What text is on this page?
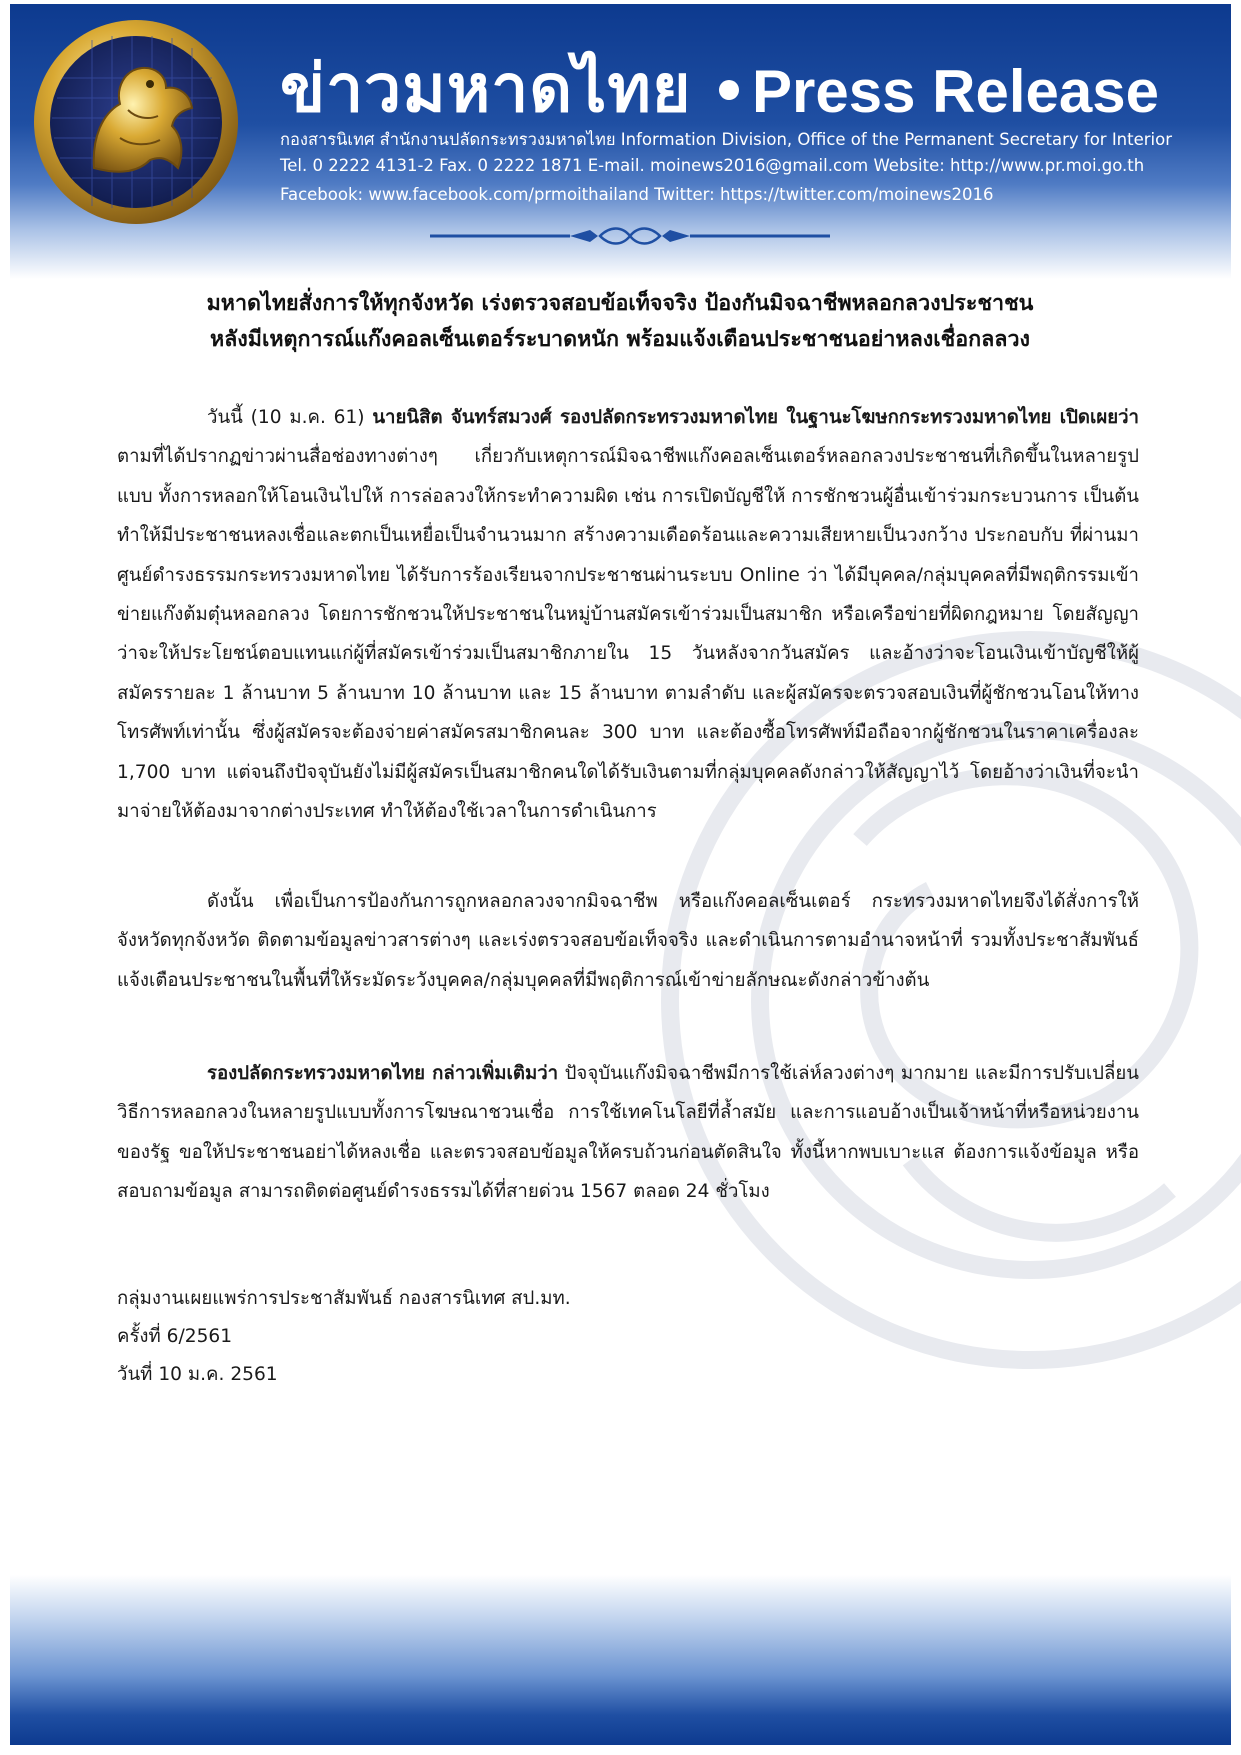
ข่าวมหาดไทย Press Release
กองสารนิเทศ สำนักงานปลัดกระทรวงมหาดไทย Information Division, Office of the Permanent Secretary for Interior
Tel. 0 2222 4131-2 Fax. 0 2222 1871 E-mail. moinews2016@gmail.com Website: http://www.pr.moi.go.th
Facebook: www.facebook.com/prmoithailand Twitter: https://twitter.com/moinews2016
มหาดไทยสั่งการให้ทุกจังหวัด เร่งตรวจสอบข้อเท็จจริง ป้องกันมิจฉาชีพหลอกลวงประชาชน
หลังมีเหตุการณ์แก๊งคอลเซ็นเตอร์ระบาดหนัก พร้อมแจ้งเตือนประชาชนอย่าหลงเชื่อกลลวง
วันนี้ (10 ม.ค. 61) นายนิสิต จันทร์สมวงศ์ รองปลัดกระทรวงมหาดไทย ในฐานะโฆษกกระทรวงมหาดไทย เปิดเผยว่า ตามที่ได้ปรากฏข่าวผ่านสื่อช่องทางต่างๆ เกี่ยวกับเหตุการณ์มิจฉาชีพแก๊งคอลเซ็นเตอร์หลอกลวงประชาชนที่เกิดขึ้นในหลายรูปแบบ ทั้งการหลอกให้โอนเงินไปให้ การล่อลวงให้กระทำความผิด เช่น การเปิดบัญชีให้ การชักชวนผู้อื่นเข้าร่วมกระบวนการ เป็นต้น ทำให้มีประชาชนหลงเชื่อและตกเป็นเหยื่อเป็นจำนวนมาก สร้างความเดือดร้อนและความเสียหายเป็นวงกว้าง ประกอบกับ ที่ผ่านมาศูนย์ดำรงธรรมกระทรวงมหาดไทย ได้รับการร้องเรียนจากประชาชนผ่านระบบ Online ว่า ได้มีบุคคล/กลุ่มบุคคลที่มีพฤติกรรมเข้าข่ายแก๊งต้มตุ๋นหลอกลวง โดยการชักชวนให้ประชาชนในหมู่บ้านสมัครเข้าร่วมเป็นสมาชิก หรือเครือข่ายที่ผิดกฎหมาย โดยสัญญาว่าจะให้ประโยชน์ตอบแทนแก่ผู้ที่สมัครเข้าร่วมเป็นสมาชิกภายใน 15 วันหลังจากวันสมัคร และอ้างว่าจะโอนเงินเข้าบัญชีให้ผู้สมัครรายละ 1 ล้านบาท 5 ล้านบาท 10 ล้านบาท และ 15 ล้านบาท ตามลำดับ และผู้สมัครจะตรวจสอบเงินที่ผู้ชักชวนโอนให้ทางโทรศัพท์เท่านั้น ซึ่งผู้สมัครจะต้องจ่ายค่าสมัครสมาชิกคนละ 300 บาท และต้องซื้อโทรศัพท์มือถือจากผู้ชักชวนในราคาเครื่องละ 1,700 บาท แต่จนถึงปัจจุบันยังไม่มีผู้สมัครเป็นสมาชิกคนใดได้รับเงินตามที่กลุ่มบุคคลดังกล่าวให้สัญญาไว้ โดยอ้างว่าเงินที่จะนำมาจ่ายให้ต้องมาจากต่างประเทศ ทำให้ต้องใช้เวลาในการดำเนินการ
ดังนั้น เพื่อเป็นการป้องกันการถูกหลอกลวงจากมิจฉาชีพ หรือแก๊งคอลเซ็นเตอร์ กระทรวงมหาดไทยจึงได้สั่งการให้จังหวัดทุกจังหวัด ติดตามข้อมูลข่าวสารต่างๆ และเร่งตรวจสอบข้อเท็จจริง และดำเนินการตามอำนาจหน้าที่ รวมทั้งประชาสัมพันธ์แจ้งเตือนประชาชนในพื้นที่ให้ระมัดระวังบุคคล/กลุ่มบุคคลที่มีพฤติการณ์เข้าข่ายลักษณะดังกล่าวข้างต้น
รองปลัดกระทรวงมหาดไทย กล่าวเพิ่มเติมว่า ปัจจุบันแก๊งมิจฉาชีพมีการใช้เล่ห์ลวงต่างๆ มากมาย และมีการปรับเปลี่ยนวิธีการหลอกลวงในหลายรูปแบบทั้งการโฆษณาชวนเชื่อ การใช้เทคโนโลยีที่ล้ำสมัย และการแอบอ้างเป็นเจ้าหน้าที่หรือหน่วยงานของรัฐ ขอให้ประชาชนอย่าได้หลงเชื่อ และตรวจสอบข้อมูลให้ครบถ้วนก่อนตัดสินใจ ทั้งนี้หากพบเบาะแส ต้องการแจ้งข้อมูล หรือสอบถามข้อมูล สามารถติดต่อศูนย์ดำรงธรรมได้ที่สายด่วน 1567 ตลอด 24 ชั่วโมง
กลุ่มงานเผยแพร่การประชาสัมพันธ์ กองสารนิเทศ สป.มท.
ครั้งที่ 6/2561
วันที่ 10 ม.ค. 2561
